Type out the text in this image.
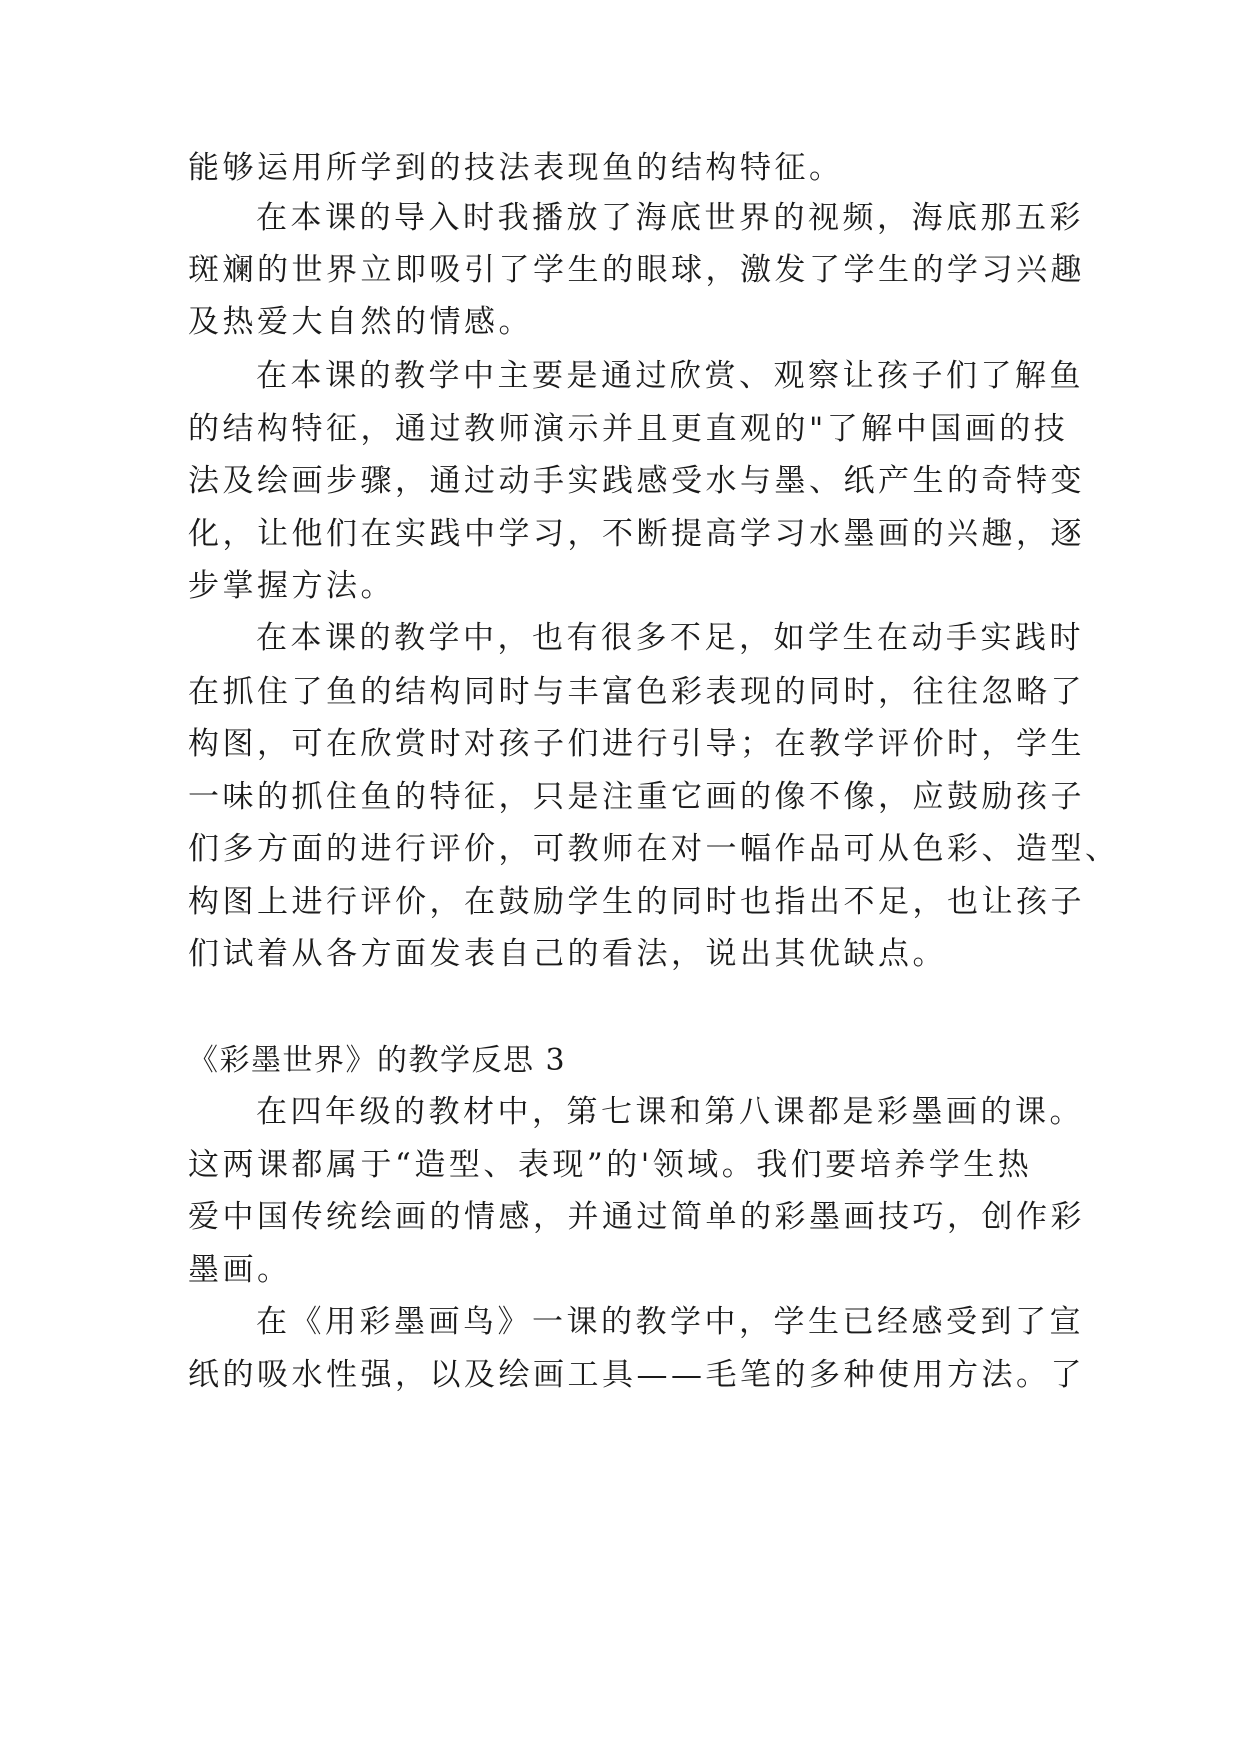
能够运用所学到的技法表现鱼的结构特征。
在本课的导入时我播放了海底世界的视频，海底那五彩
斑斓的世界立即吸引了学生的眼球，激发了学生的学习兴趣
及热爱大自然的情感。
在本课的教学中主要是通过欣赏、观察让孩子们了解鱼
的结构特征，通过教师演示并且更直观的"了解中国画的技
法及绘画步骤，通过动手实践感受水与墨、纸产生的奇特变
化，让他们在实践中学习，不断提高学习水墨画的兴趣，逐
步掌握方法。
在本课的教学中，也有很多不足，如学生在动手实践时
在抓住了鱼的结构同时与丰富色彩表现的同时，往往忽略了
构图，可在欣赏时对孩子们进行引导；在教学评价时，学生
一味的抓住鱼的特征，只是注重它画的像不像，应鼓励孩子
们多方面的进行评价，可教师在对一幅作品可从色彩、造型、
构图上进行评价，在鼓励学生的同时也指出不足，也让孩子
们试着从各方面发表自己的看法，说出其优缺点。
《彩墨世界》的教学反思 3
在四年级的教材中，第七课和第八课都是彩墨画的课。
这两课都属于“造型、表现”的'领域。我们要培养学生热
爱中国传统绘画的情感，并通过简单的彩墨画技巧，创作彩
墨画。
在《用彩墨画鸟》一课的教学中，学生已经感受到了宣
纸的吸水性强，以及绘画工具——毛笔的多种使用方法。了
